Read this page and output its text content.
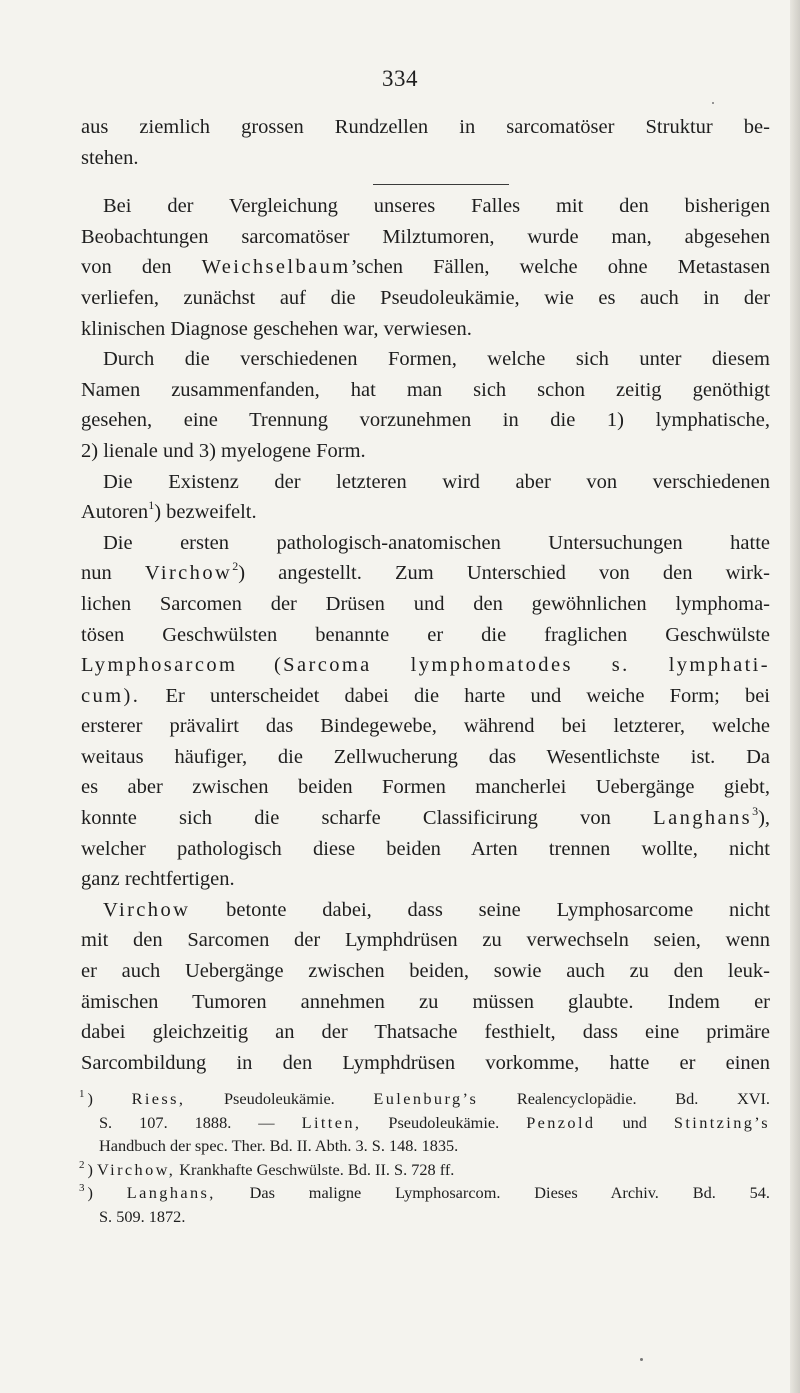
334
aus ziemlich grossen Rundzellen in sarcomatöser Struktur be-
stehen.
Bei der Vergleichung unseres Falles mit den bisherigen
Beobachtungen sarcomatöser Milztumoren, wurde man, abgesehen
von den Weichselbaum’schen Fällen, welche ohne Metastasen
verliefen, zunächst auf die Pseudoleukämie, wie es auch in der
klinischen Diagnose geschehen war, verwiesen.
Durch die verschiedenen Formen, welche sich unter diesem
Namen zusammenfanden, hat man sich schon zeitig genöthigt
gesehen, eine Trennung vorzunehmen in die 1) lymphatische,
2) lienale und 3) myelogene Form.
Die Existenz der letzteren wird aber von verschiedenen
Autoren$^1$) bezweifelt.
Die ersten pathologisch-anatomischen Untersuchungen hatte
nun Virchow$^2$) angestellt. Zum Unterschied von den wirk-
lichen Sarcomen der Drüsen und den gewöhnlichen lymphoma-
tösen Geschwülsten benannte er die fraglichen Geschwülste
Lymphosarcom (Sarcoma lymphomatodes s. lymphati-
cum). Er unterscheidet dabei die harte und weiche Form; bei
ersterer prävalirt das Bindegewebe, während bei letzterer, welche
weitaus häufiger, die Zellwucherung das Wesentlichste ist. Da
es aber zwischen beiden Formen mancherlei Uebergänge giebt,
konnte sich die scharfe Classificirung von Langhans$^3$),
welcher pathologisch diese beiden Arten trennen wollte, nicht
ganz rechtfertigen.
Virchow betonte dabei, dass seine Lymphosarcome nicht
mit den Sarcomen der Lymphdrüsen zu verwechseln seien, wenn
er auch Uebergänge zwischen beiden, sowie auch zu den leuk-
ämischen Tumoren annehmen zu müssen glaubte. Indem er
dabei gleichzeitig an der Thatsache festhielt, dass eine primäre
Sarcombildung in den Lymphdrüsen vorkomme, hatte er einen
$^1$ ) Riess, Pseudoleukämie. Eulenburg’s Realencyclopädie. Bd. XVI.
S. 107. 1888. — Litten, Pseudoleukämie. Penzold und Stintzing’s
Handbuch der spec. Ther. Bd. II. Abth. 3. S. 148. 1835.
$^2$ ) Virchow, Krankhafte Geschwülste. Bd. II. S. 728 ff.
$^3$ ) Langhans, Das maligne Lymphosarcom. Dieses Archiv. Bd. 54.
S. 509. 1872.
